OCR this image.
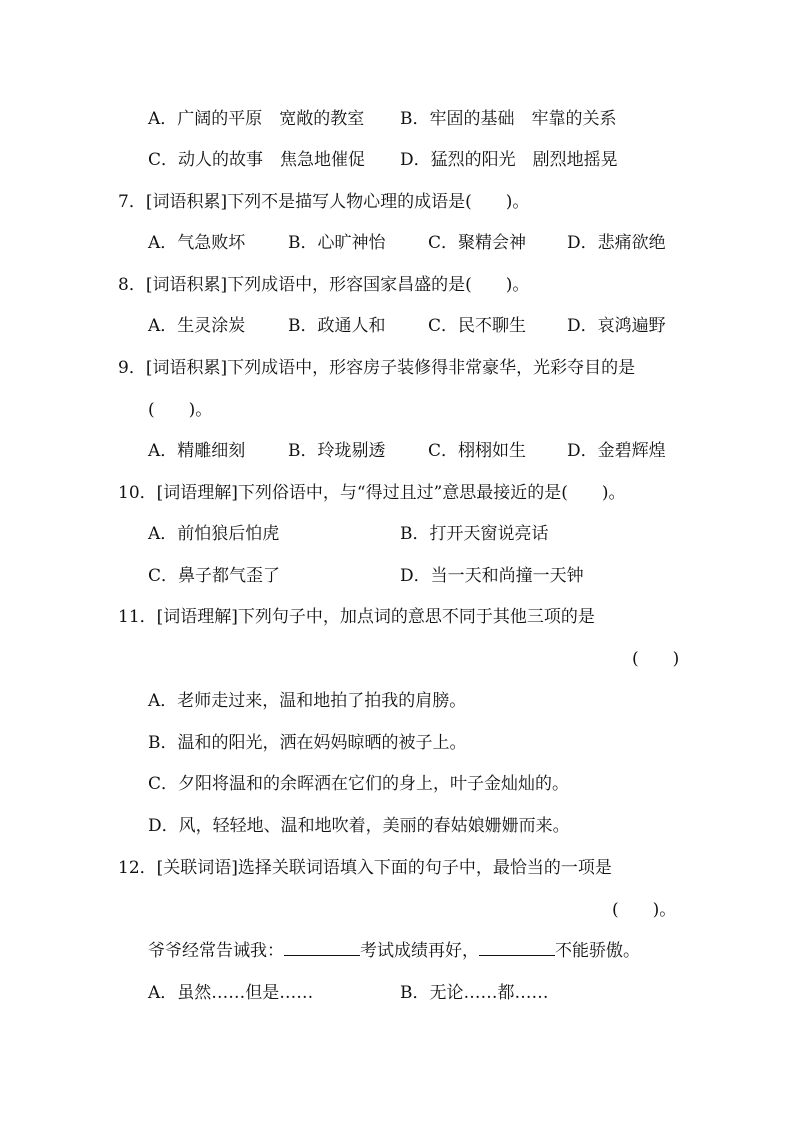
A．广阔的平原　宽敞的教室 B．牢固的基础　牢靠的关系
C．动人的故事　焦急地催促 D．猛烈的阳光　剧烈地摇晃
7．[词语积累]下列不是描写人物心理的成语是(　　)。
A．气急败坏	B．心旷神怡	C．聚精会神 D．悲痛欲绝
8．[词语积累]下列成语中，形容国家昌盛的是(　　)。
A．生灵涂炭	B．政通人和	C．民不聊生 D．哀鸿遍野
9．[词语积累]下列成语中，形容房子装修得非常豪华，光彩夺目的是
(　　)。
A．精雕细刻	B．玲珑剔透	C．栩栩如生 D．金碧辉煌
10．[词语理解]下列俗语中，与“得过且过”意思最接近的是(　　)。
A．前怕狼后怕虎	B．打开天窗说亮话
C．鼻子都气歪了	D．当一天和尚撞一天钟
11．[词语理解]下列句子中，加点词的意思不同于其他三项的是
(　　)
A．老师走过来，温和地拍了拍我的肩膀。
B．温和的阳光，洒在妈妈晾晒的被子上。
C．夕阳将温和的余晖洒在它们的身上，叶子金灿灿的。
D．风，轻轻地、温和地吹着，美丽的春姑娘姗姗而来。
12．[关联词语]选择关联词语填入下面的句子中，最恰当的一项是
(　　)。
爷爷经常告诫我：	考试成绩再好，	不能骄傲。
A．虽然……但是……	B．无论……都……
